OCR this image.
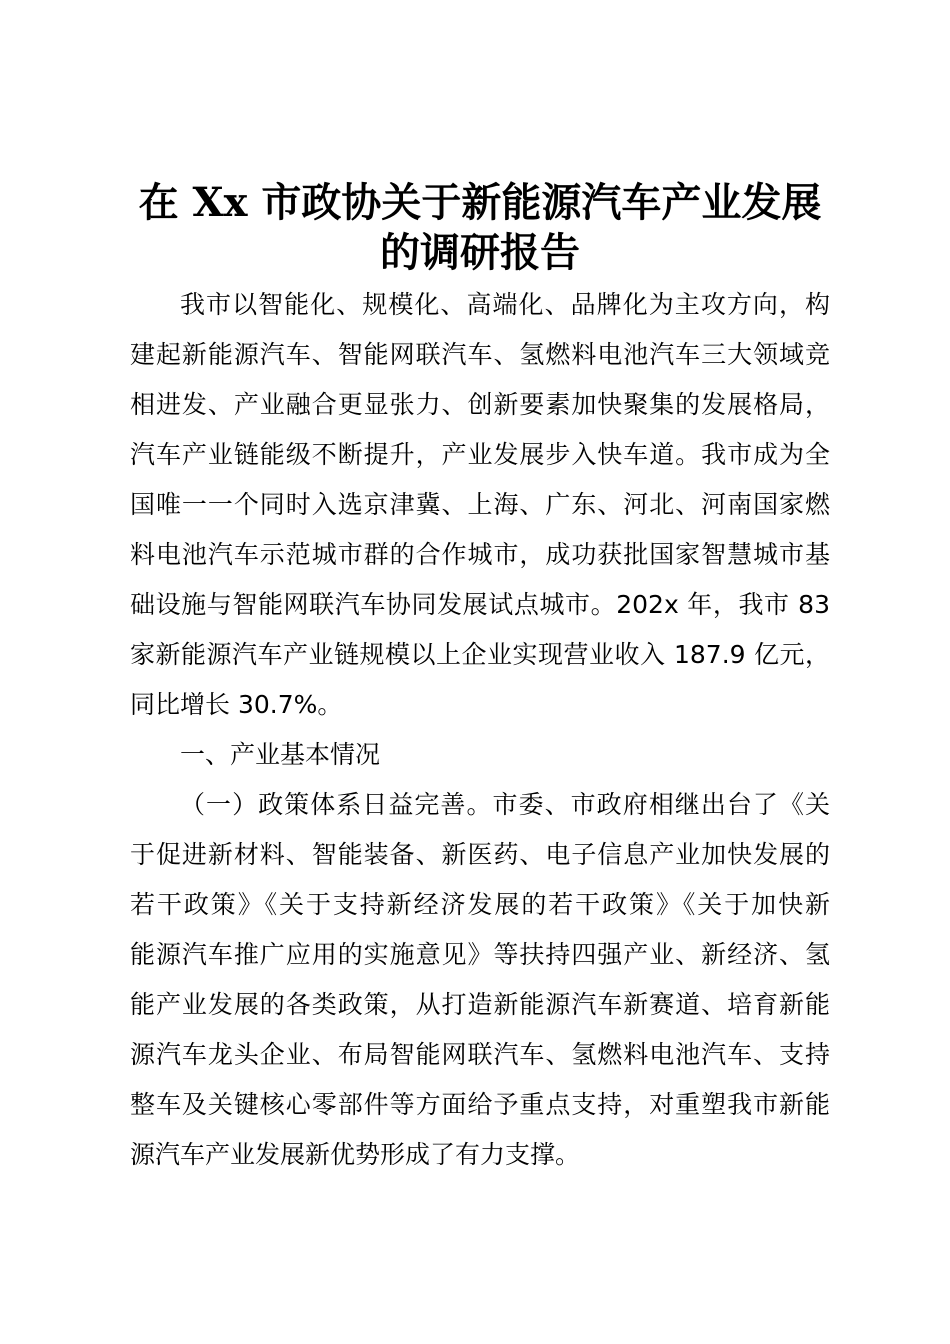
在 Xx 市政协关于新能源汽车产业发展
的调研报告
我市以智能化、规模化、高端化、品牌化为主攻方向，构
建起新能源汽车、智能网联汽车、氢燃料电池汽车三大领域竞
相进发、产业融合更显张力、创新要素加快聚集的发展格局，
汽车产业链能级不断提升，产业发展步入快车道。我市成为全
国唯一一个同时入选京津冀、上海、广东、河北、河南国家燃
料电池汽车示范城市群的合作城市，成功获批国家智慧城市基
础设施与智能网联汽车协同发展试点城市。202x 年，我市 83
家新能源汽车产业链规模以上企业实现营业收入 187.9 亿元，
同比增长 30.7%。
一、产业基本情况
（一）政策体系日益完善。市委、市政府相继出台了《关
于促进新材料、智能装备、新医药、电子信息产业加快发展的
若干政策》《关于支持新经济发展的若干政策》《关于加快新
能源汽车推广应用的实施意见》等扶持四强产业、新经济、氢
能产业发展的各类政策，从打造新能源汽车新赛道、培育新能
源汽车龙头企业、布局智能网联汽车、氢燃料电池汽车、支持
整车及关键核心零部件等方面给予重点支持，对重塑我市新能
源汽车产业发展新优势形成了有力支撑。
